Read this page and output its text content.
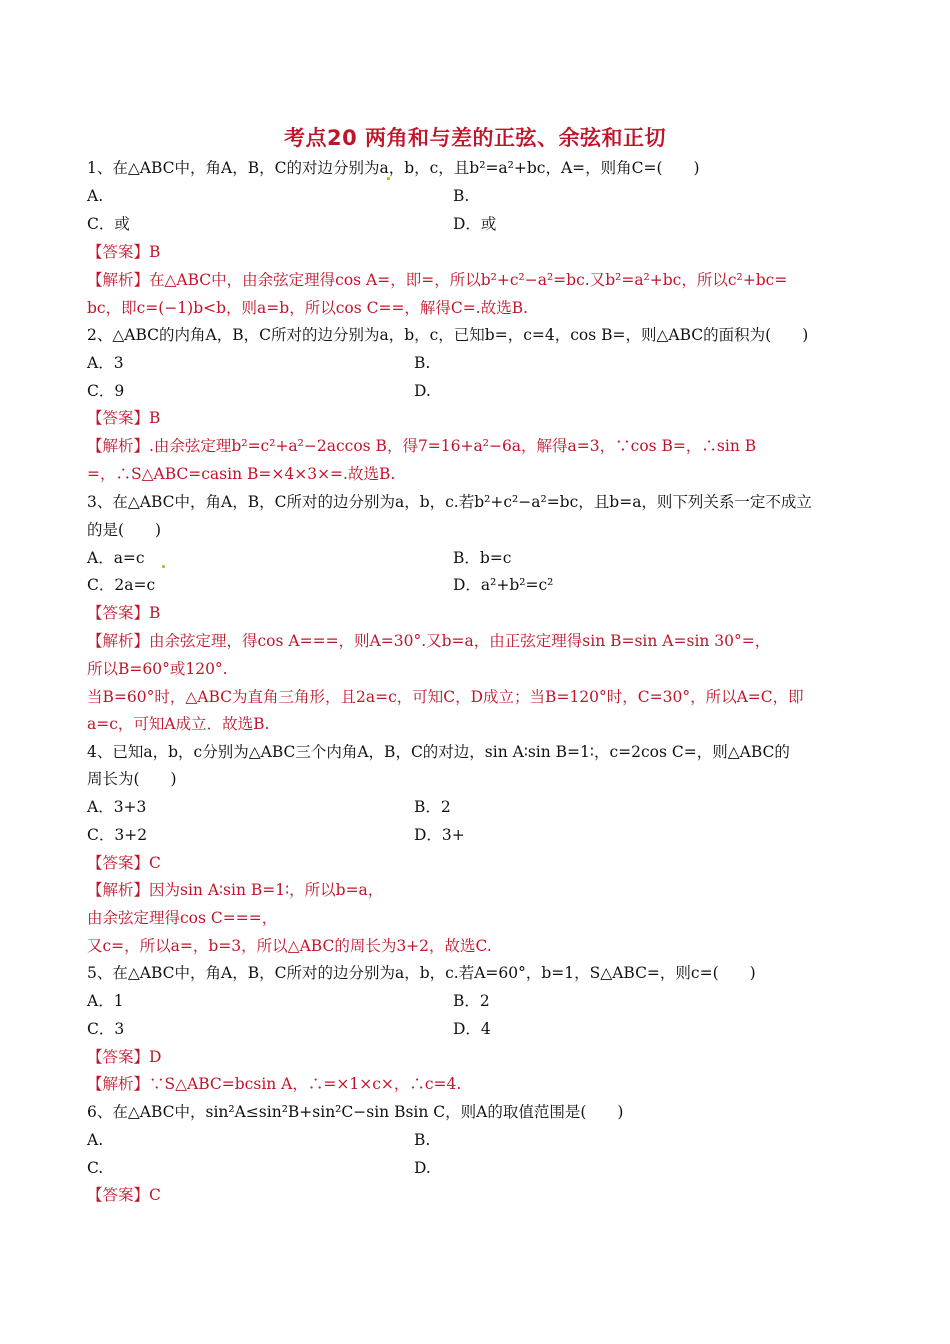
考点20 两角和与差的正弦、余弦和正切
1、在△ABC中，角A，B，C的对边分别为a，b，c，且b²=a²+bc，A=，则角C=(　　)
A.	B.
C．或	D．或
【答案】B
【解析】在△ABC中，由余弦定理得cos A=，即=，所以b²+c²−a²=bc.又b²=a²+bc，所以c²+bc=
bc，即c=(−1)b<b，则a=b，所以cos C==，解得C=.故选B.
2、△ABC的内角A，B，C所对的边分别为a，b，c，已知b=，c=4，cos B=，则△ABC的面积为(　　)
A．3	B.
C．9	D.
【答案】B
【解析】.由余弦定理b²=c²+a²−2accos B，得7=16+a²−6a，解得a=3，∵cos B=，∴sin B
=，∴S△ABC=casin B=×4×3×=.故选B.
3、在△ABC中，角A，B，C所对的边分别为a，b，c.若b²+c²−a²=bc，且b=a，则下列关系一定不成立
的是(　　)
A．a=c	B．b=c
C．2a=c	D．a²+b²=c²
【答案】B
【解析】由余弦定理，得cos A===，则A=30°.又b=a，由正弦定理得sin B=sin A=sin 30°=，
所以B=60°或120°.
当B=60°时，△ABC为直角三角形，且2a=c，可知C，D成立；当B=120°时，C=30°，所以A=C，即
a=c，可知A成立．故选B.
4、已知a，b，c分别为△ABC三个内角A，B，C的对边，sin A∶sin B=1∶，c=2cos C=，则△ABC的
周长为(　　)
A．3+3	B．2
C．3+2	D．3+
【答案】C
【解析】因为sin A∶sin B=1∶，所以b=a，
由余弦定理得cos C===，
又c=，所以a=，b=3，所以△ABC的周长为3+2，故选C.
5、在△ABC中，角A，B，C所对的边分别为a，b，c.若A=60°，b=1，S△ABC=，则c=(　　)
A．1	B．2
C．3	D．4
【答案】D
【解析】∵S△ABC=bcsin A，∴=×1×c×，∴c=4.
6、在△ABC中，sin²A≤sin²B+sin²C−sin Bsin C，则A的取值范围是(　　)
A.	B.
C.	D.
【答案】C
